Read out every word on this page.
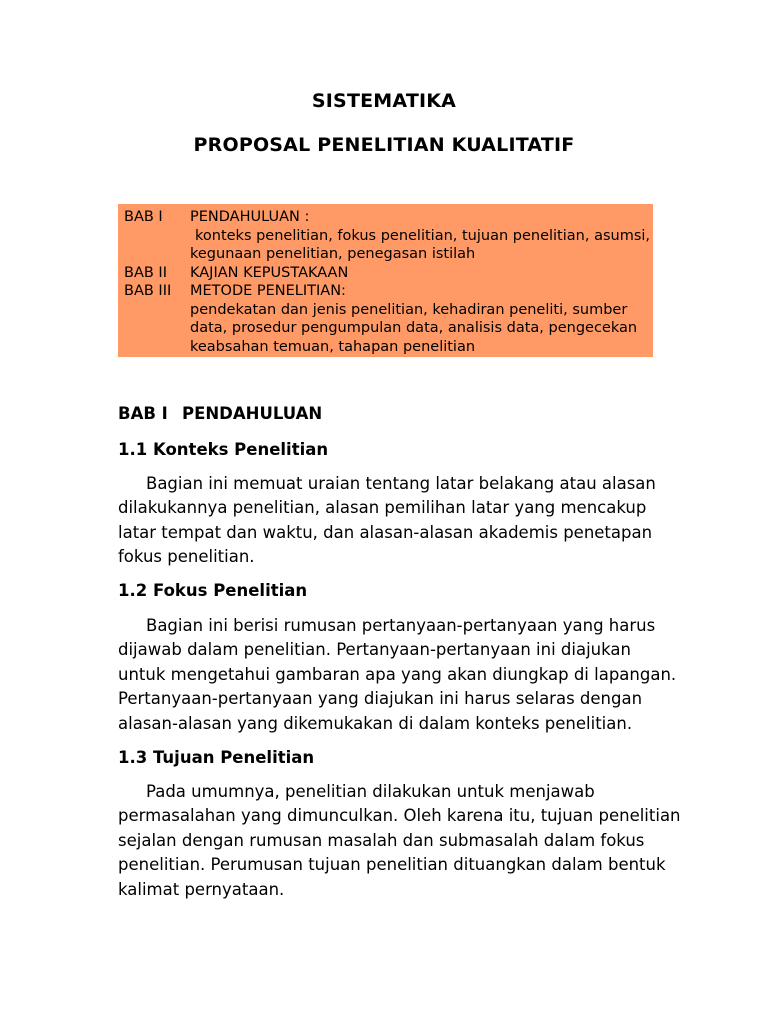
SISTEMATIKA
PROPOSAL PENELITIAN KUALITATIF
BAB I	PENDAHULUAN :
konteks penelitian, fokus penelitian, tujuan penelitian, asumsi,
kegunaan penelitian, penegasan istilah
BAB II	KAJIAN KEPUSTAKAAN
BAB III	METODE PENELITIAN:
pendekatan dan jenis penelitian, kehadiran peneliti, sumber
data, prosedur pengumpulan data, analisis data, pengecekan
keabsahan temuan, tahapan penelitian
BAB I PENDAHULUAN
1.1 Konteks Penelitian

Bagian ini memuat uraian tentang latar belakang atau alasan
dilakukannya penelitian, alasan pemilihan latar yang mencakup
latar tempat dan waktu, dan alasan-alasan akademis penetapan
fokus penelitian.

1.2 Fokus Penelitian

Bagian ini berisi rumusan pertanyaan-pertanyaan yang harus
dijawab dalam penelitian. Pertanyaan-pertanyaan ini diajukan
untuk mengetahui gambaran apa yang akan diungkap di lapangan.
Pertanyaan-pertanyaan yang diajukan ini harus selaras dengan
alasan-alasan yang dikemukakan di dalam konteks penelitian.

1.3 Tujuan Penelitian

Pada umumnya, penelitian dilakukan untuk menjawab
permasalahan yang dimunculkan. Oleh karena itu, tujuan penelitian
sejalan dengan rumusan masalah dan submasalah dalam fokus
penelitian. Perumusan tujuan penelitian dituangkan dalam bentuk
kalimat pernyataan.
